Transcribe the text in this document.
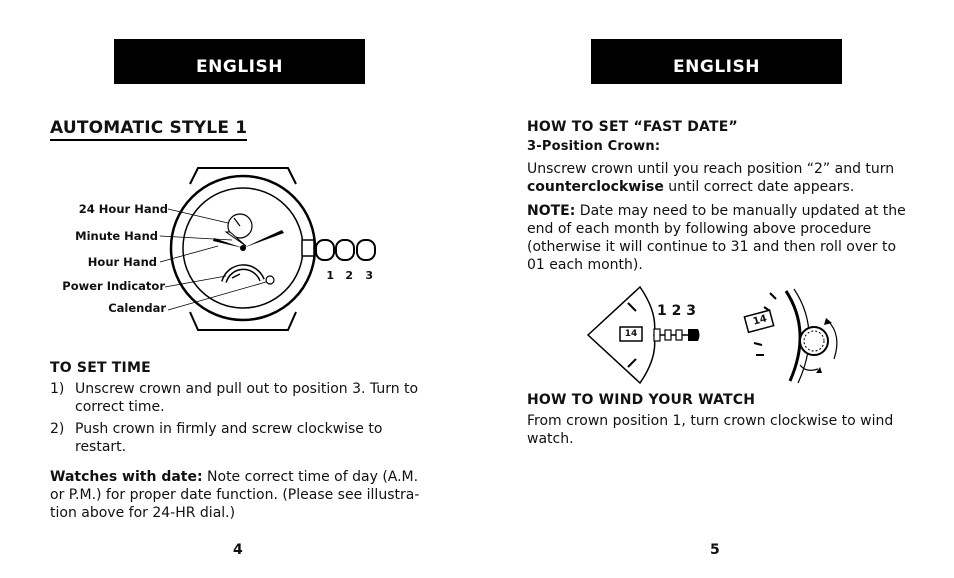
ENGLISH
AUTOMATIC STYLE 1
24 Hour Hand
Minute Hand
Hour Hand
Power Indicator
Calendar
1	2	3
TO SET TIME
1) Unscrew crown and pull out to position 3. Turn to correct time.
2) Push crown in firmly and screw clockwise to restart.
Watches with date: Note correct time of day (A.M. or P.M.) for proper date function. (Please see illustra-tion above for 24-HR dial.)
4
ENGLISH
HOW TO SET “FAST DATE”
3-Position Crown:
Unscrew crown until you reach position “2” and turn counterclockwise until correct date appears.
NOTE: Date may need to be manually updated at the end of each month by following above procedure (otherwise it will continue to 31 and then roll over to 01 each month).
HOW TO WIND YOUR WATCH
From crown position 1, turn crown clockwise to wind watch.
5
1 2 3
14
14
